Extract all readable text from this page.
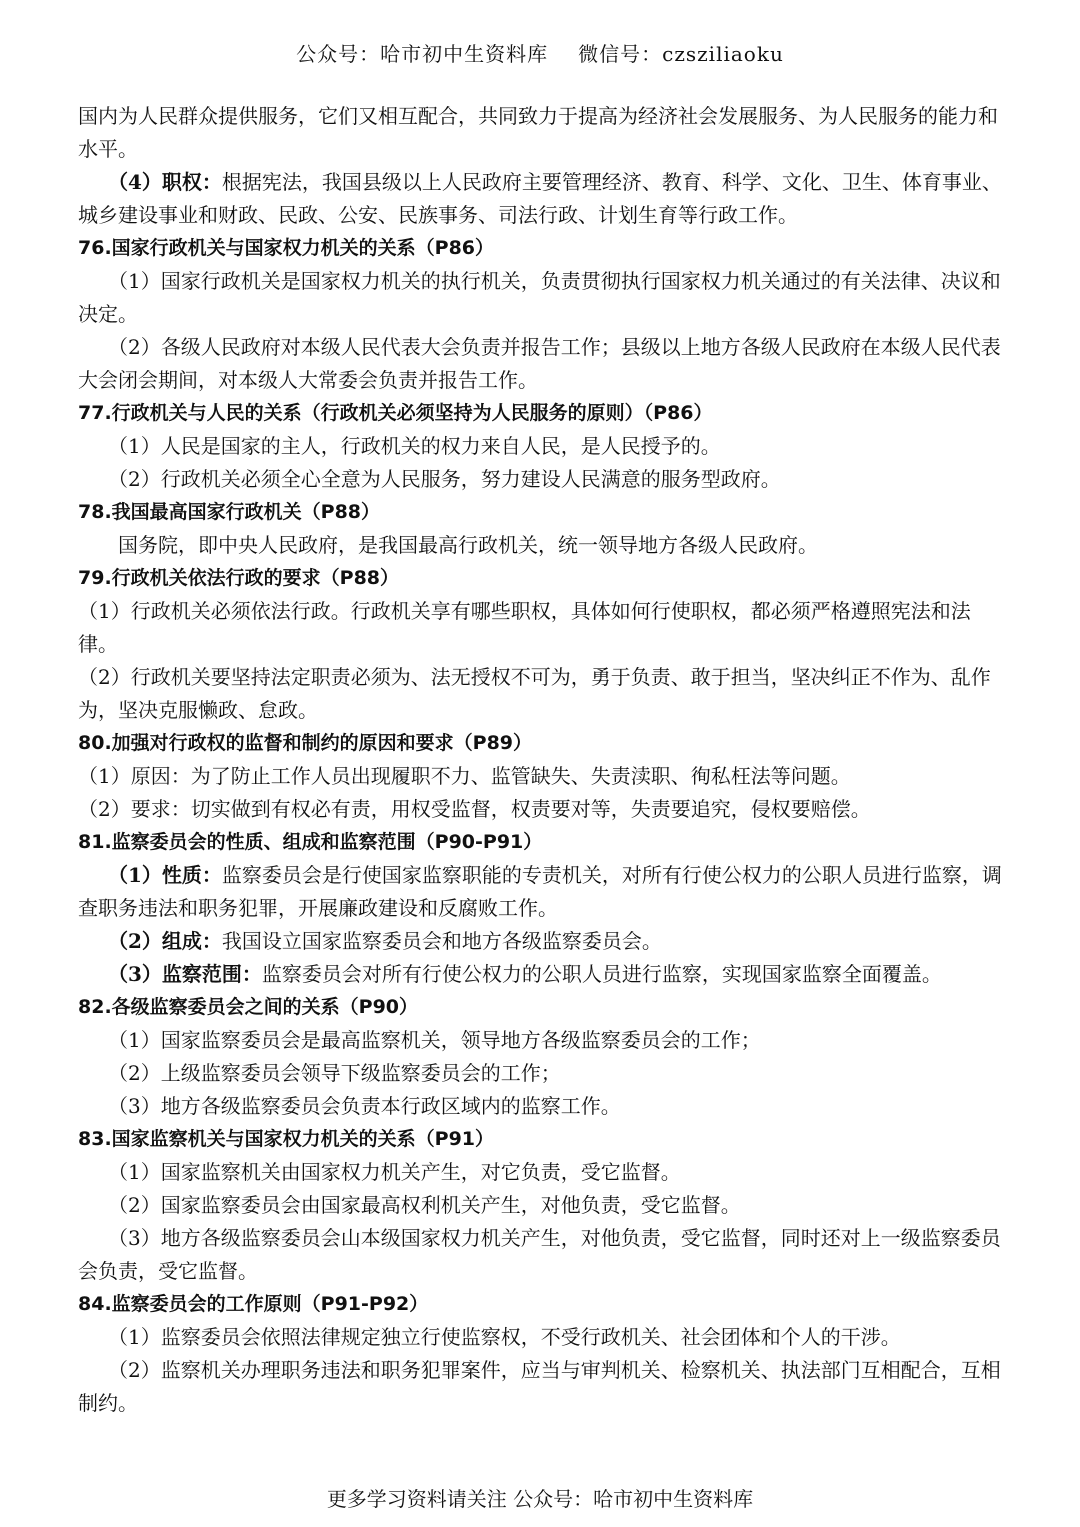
公众号：哈市初中生资料库 微信号：czsziliaoku

国内为人民群众提供服务，它们又相互配合，共同致力于提高为经济社会发展服务、为人民服务的能力和水平。

（4）职权：根据宪法，我国县级以上人民政府主要管理经济、教育、科学、文化、卫生、体育事业、城乡建设事业和财政、民政、公安、民族事务、司法行政、计划生育等行政工作。

76.国家行政机关与国家权力机关的关系（P86）

（1）国家行政机关是国家权力机关的执行机关，负责贯彻执行国家权力机关通过的有关法律、决议和决定。

（2）各级人民政府对本级人民代表大会负责并报告工作；县级以上地方各级人民政府在本级人民代表大会闭会期间，对本级人大常委会负责并报告工作。

77.行政机关与人民的关系（行政机关必须坚持为人民服务的原则）（P86）

（1）人民是国家的主人，行政机关的权力来自人民，是人民授予的。

（2）行政机关必须全心全意为人民服务，努力建设人民满意的服务型政府。

78.我国最高国家行政机关（P88）

国务院，即中央人民政府，是我国最高行政机关，统一领导地方各级人民政府。

79.行政机关依法行政的要求（P88）

（1）行政机关必须依法行政。行政机关享有哪些职权，具体如何行使职权，都必须严格遵照宪法和法律。

（2）行政机关要坚持法定职责必须为、法无授权不可为，勇于负责、敢于担当，坚决纠正不作为、乱作为，坚决克服懒政、怠政。

80.加强对行政权的监督和制约的原因和要求（P89）

（1）原因：为了防止工作人员出现履职不力、监管缺失、失责渎职、徇私枉法等问题。

（2）要求：切实做到有权必有责，用权受监督，权责要对等，失责要追究，侵权要赔偿。

81.监察委员会的性质、组成和监察范围（P90-P91）

（1）性质：监察委员会是行使国家监察职能的专责机关，对所有行使公权力的公职人员进行监察，调查职务违法和职务犯罪，开展廉政建设和反腐败工作。

（2）组成：我国设立国家监察委员会和地方各级监察委员会。

（3）监察范围：监察委员会对所有行使公权力的公职人员进行监察，实现国家监察全面覆盖。

82.各级监察委员会之间的关系（P90）

（1）国家监察委员会是最高监察机关，领导地方各级监察委员会的工作；

（2）上级监察委员会领导下级监察委员会的工作；

（3）地方各级监察委员会负责本行政区域内的监察工作。

83.国家监察机关与国家权力机关的关系（P91）

（1）国家监察机关由国家权力机关产生，对它负责，受它监督。

（2）国家监察委员会由国家最高权利机关产生，对他负责，受它监督。

（3）地方各级监察委员会山本级国家权力机关产生，对他负责，受它监督，同时还对上一级监察委员会负责，受它监督。

84.监察委员会的工作原则（P91-P92）

（1）监察委员会依照法律规定独立行使监察权，不受行政机关、社会团体和个人的干涉。

（2）监察机关办理职务违法和职务犯罪案件，应当与审判机关、检察机关、执法部门互相配合，互相制约。

更多学习资料请关注 公众号：哈市初中生资料库
